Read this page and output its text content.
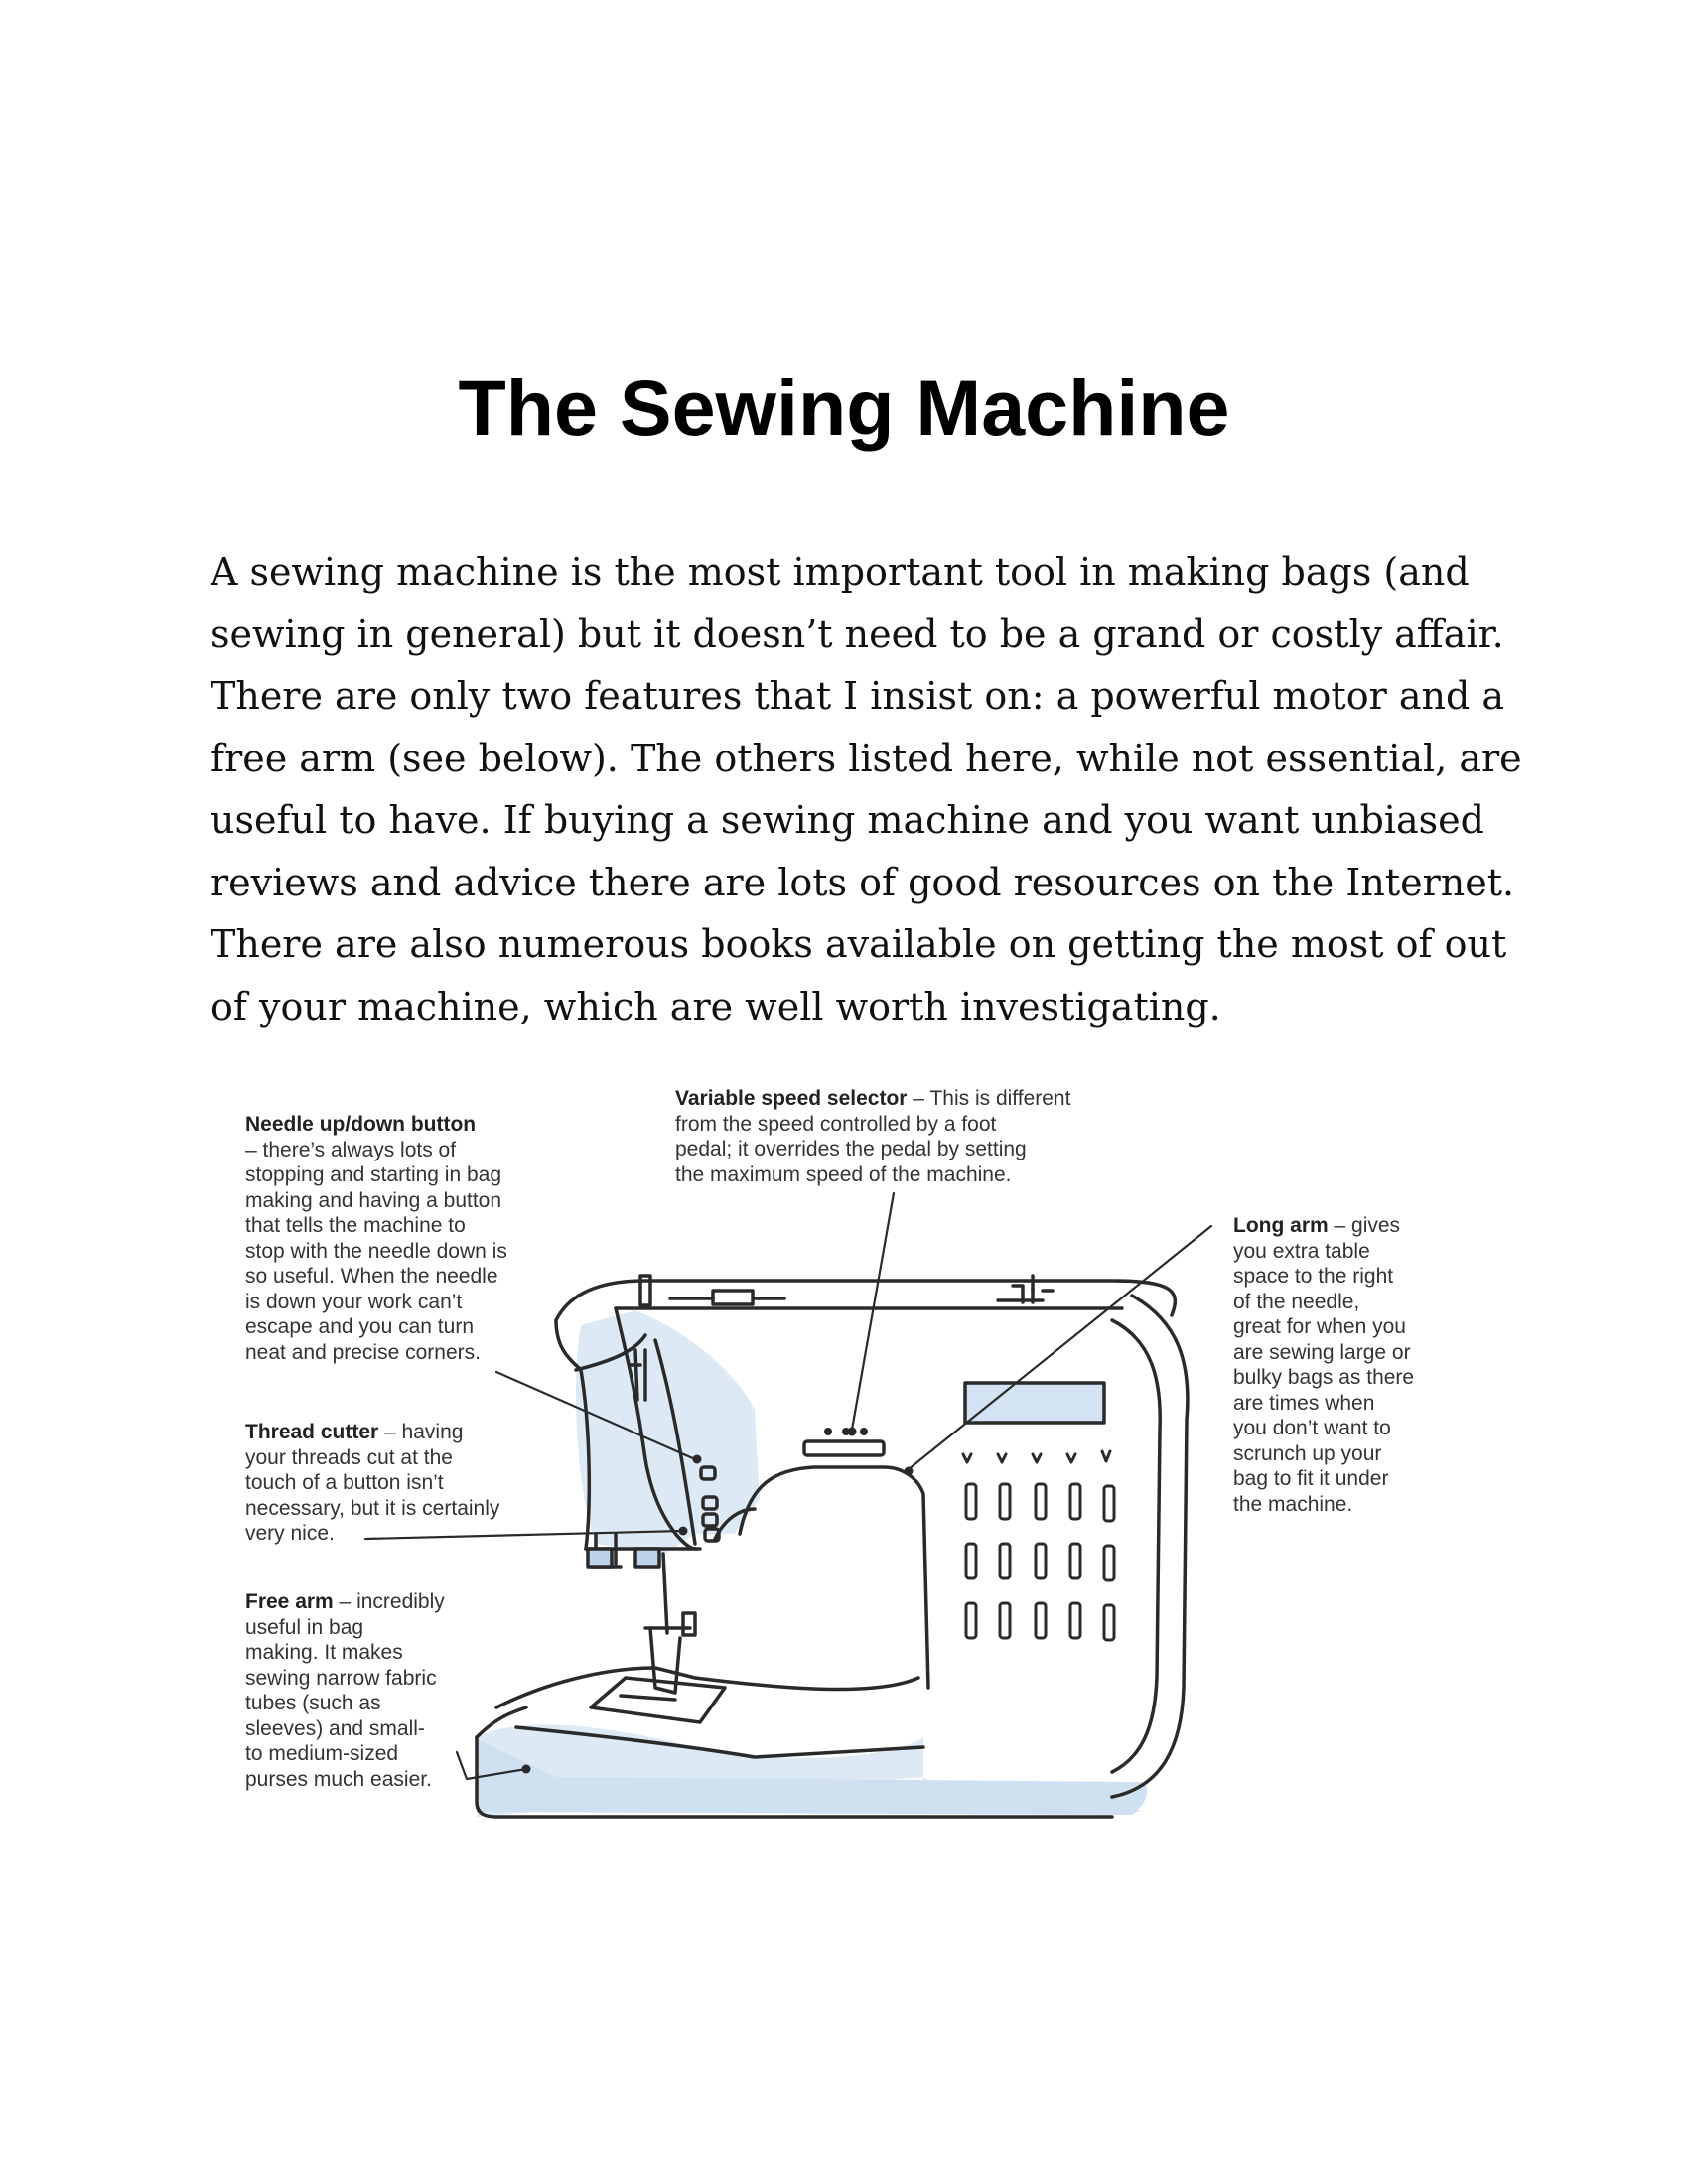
The Sewing Machine

A sewing machine is the most important tool in making bags (and
sewing in general) but it doesn’t need to be a grand or costly affair.
There are only two features that I insist on: a powerful motor and a
free arm (see below). The others listed here, while not essential, are
useful to have. If buying a sewing machine and you want unbiased
reviews and advice there are lots of good resources on the Internet.
There are also numerous books available on getting the most of out
of your machine, which are well worth investigating.

Needle up/down button
– there’s always lots of
stopping and starting in bag
making and having a button
that tells the machine to
stop with the needle down is
so useful. When the needle
is down your work can’t
escape and you can turn
neat and precise corners.

Variable speed selector – This is different
from the speed controlled by a foot
pedal; it overrides the pedal by setting
the maximum speed of the machine.

Long arm – gives
you extra table
space to the right
of the needle,
great for when you
are sewing large or
bulky bags as there
are times when
you don’t want to
scrunch up your
bag to fit it under
the machine.

Thread cutter – having
your threads cut at the
touch of a button isn’t
necessary, but it is certainly
very nice.

Free arm – incredibly
useful in bag
making. It makes
sewing narrow fabric
tubes (such as
sleeves) and small-
to medium-sized
purses much easier.
